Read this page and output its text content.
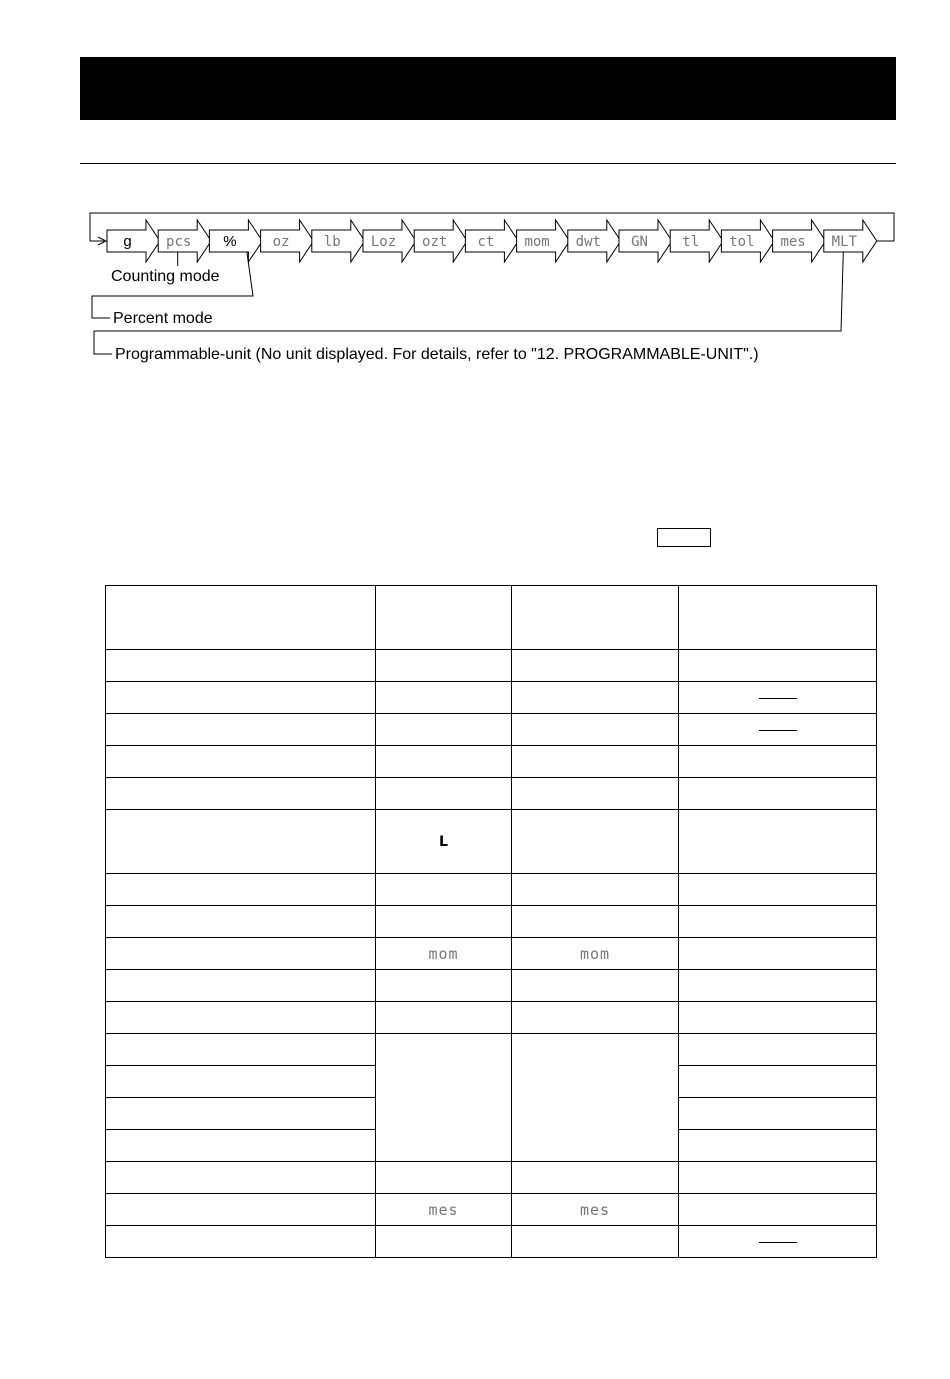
g pcs %	oz lb Loz ozt ct mom dwt GN tl tol mes MLT
Counting mode
Percent mode
Programmable-unit (No unit displayed. For details, refer to "12. PROGRAMMABLE-UNIT".)

	L		

	mom	mom	

	mes	mes	
